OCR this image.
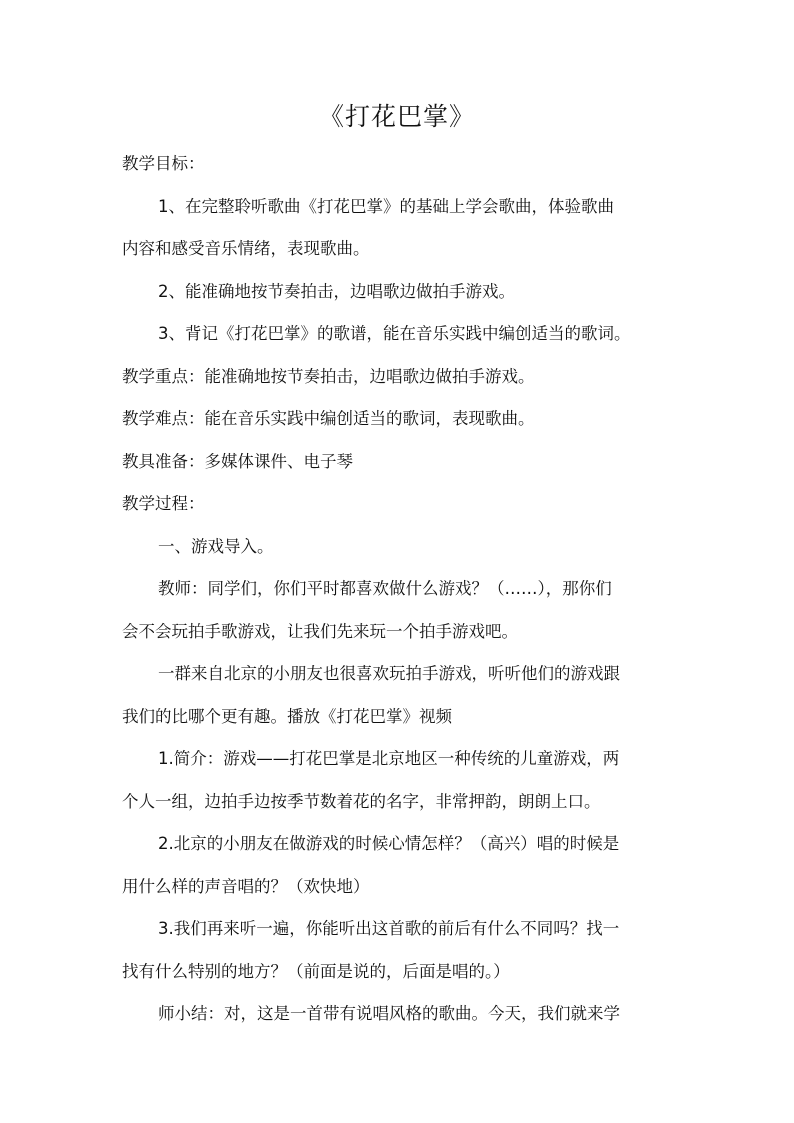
《打花巴掌》
教学目标：
1、在完整聆听歌曲《打花巴掌》的基础上学会歌曲，体验歌曲
内容和感受音乐情绪，表现歌曲。
2、能准确地按节奏拍击，边唱歌边做拍手游戏。
3、背记《打花巴掌》的歌谱，能在音乐实践中编创适当的歌词。
教学重点：能准确地按节奏拍击，边唱歌边做拍手游戏。
教学难点：能在音乐实践中编创适当的歌词，表现歌曲。
教具准备：多媒体课件、电子琴
教学过程：
一、游戏导入。
教师：同学们，你们平时都喜欢做什么游戏？（……），那你们
会不会玩拍手歌游戏，让我们先来玩一个拍手游戏吧。
一群来自北京的小朋友也很喜欢玩拍手游戏，听听他们的游戏跟
我们的比哪个更有趣。播放《打花巴掌》视频
1.简介：游戏——打花巴掌是北京地区一种传统的儿童游戏，两
个人一组，边拍手边按季节数着花的名字，非常押韵，朗朗上口。
2.北京的小朋友在做游戏的时候心情怎样？（高兴）唱的时候是
用什么样的声音唱的？（欢快地）
3.我们再来听一遍，你能听出这首歌的前后有什么不同吗？找一
找有什么特别的地方？（前面是说的，后面是唱的。）
师小结：对，这是一首带有说唱风格的歌曲。今天，我们就来学
